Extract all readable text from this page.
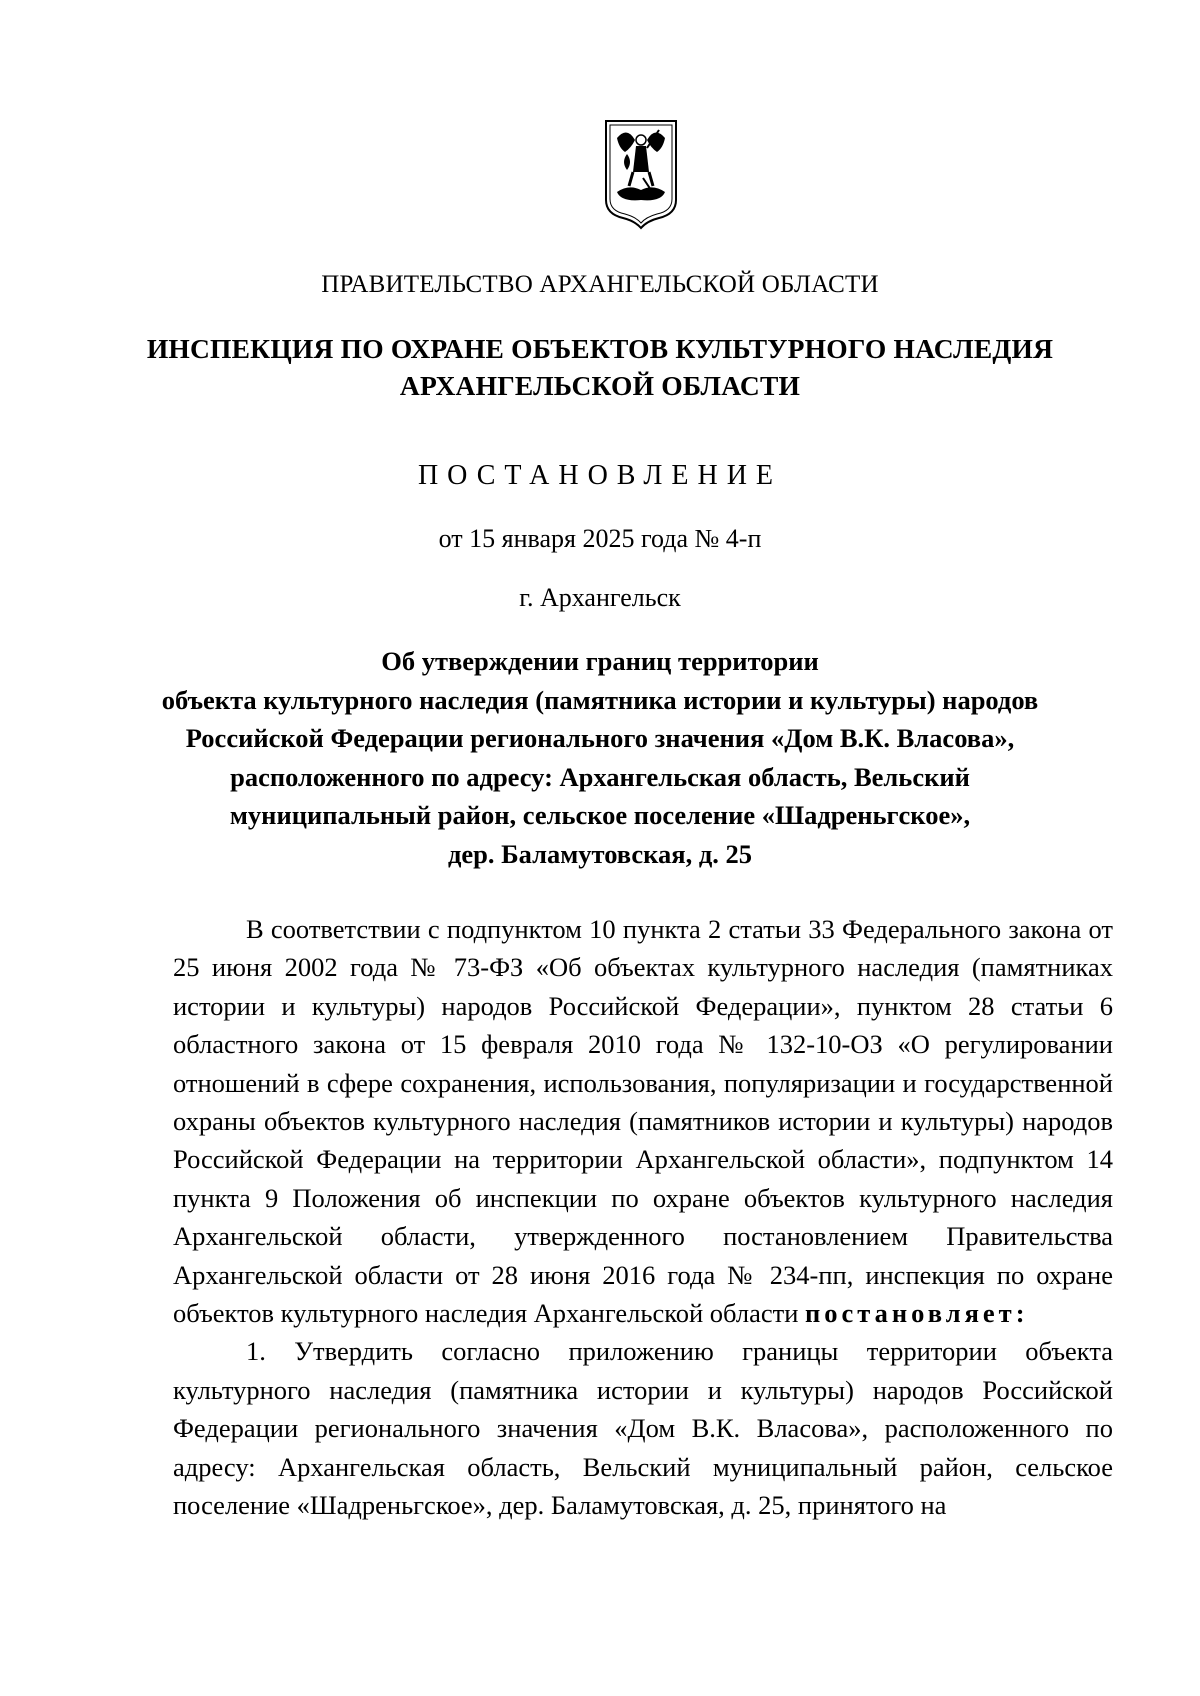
ПРАВИТЕЛЬСТВО АРХАНГЕЛЬСКОЙ ОБЛАСТИ

ИНСПЕКЦИЯ ПО ОХРАНЕ ОБЪЕКТОВ КУЛЬТУРНОГО НАСЛЕДИЯ
АРХАНГЕЛЬСКОЙ ОБЛАСТИ

ПОСТАНОВЛЕНИЕ

от 15 января 2025 года № 4-п

г. Архангельск

Об утверждении границ территории
объекта культурного наследия (памятника истории и культуры) народов
Российской Федерации регионального значения «Дом В.К. Власова»,
расположенного по адресу: Архангельская область, Вельский
муниципальный район, сельское поселение «Шадреньгское»,
дер. Баламутовская, д. 25

В соответствии с подпунктом 10 пункта 2 статьи 33 Федерального закона от 25 июня 2002 года № 73-ФЗ «Об объектах культурного наследия (памятниках истории и культуры) народов Российской Федерации», пунктом 28 статьи 6 областного закона от 15 февраля 2010 года № 132-10-ОЗ «О регулировании отношений в сфере сохранения, использования, популяризации и государственной охраны объектов культурного наследия (памятников истории и культуры) народов Российской Федерации на территории Архангельской области», подпунктом 14 пункта 9 Положения об инспекции по охране объектов культурного наследия Архангельской области, утвержденного постановлением Правительства Архангельской области от 28 июня 2016 года № 234-пп, инспекция по охране объектов культурного наследия Архангельской области постановляет:

1. Утвердить согласно приложению границы территории объекта культурного наследия (памятника истории и культуры) народов Российской Федерации регионального значения «Дом В.К. Власова», расположенного по адресу: Архангельская область, Вельский муниципальный район, сельское поселение «Шадреньгское», дер. Баламутовская, д. 25, принятого на
